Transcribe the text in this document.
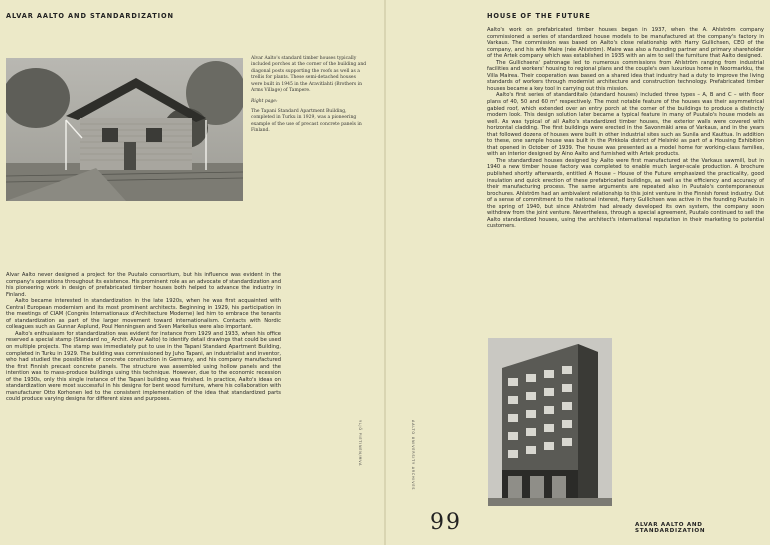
ALVAR AALTO AND STANDARDIZATION

Alvar Aalto's standard timber houses typically included porches at the corner of the building and diagonal posts supporting the roofs as well as a trellis for plants. These semi-detached houses were built in 1945 in the Aravitlahti (Brothers in Arms Village) of Tampere.

Right page:

The Tapani Standard Apartment Building, completed in Turku in 1929, was a pioneering example of the use of precast concrete panels in Finland.

Alvar Aalto never designed a project for the Puutalo consortium, but his influence was evident in the company's operations throughout its existence. His prominent role as an advocate of standardization and his pioneering work in design of prefabricated timber houses both helped to advance the industry in Finland.

Aalto became interested in standardization in the late 1920s, when he was first acquainted with Central European modernism and its most prominent architects. Beginning in 1929, his participation in the meetings of CIAM (Congrès Internationaux d'Architecture Moderne) led him to embrace the tenants of standardization as part of the larger movement toward internationalism. Contacts with Nordic colleagues such as Gunnar Asplund, Poul Henningsen and Sven Markelius were also important.

Aalto's enthusiasm for standardization was evident for instance from 1929 and 1933, when his office reserved a special stamp (Standard no_ Archit. Alvar Aalto) to identify detail drawings that could be used on multiple projects. The stamp was immediately put to use in the Tapani Standard Apartment Building, completed in Turku in 1929. The building was commissioned by Juho Tapani, an industrialist and inventor, who had studied the possibilities of concrete construction in Germany, and his company manufactured the first Finnish precast concrete panels. The structure was assembled using hollow panels and the intention was to mass-produce buildings using this technique. However, due to the economic recession of the 1930s, only this single instance of the Tapani building was finished. In practice, Aalto's ideas on standardization were most successful in his designs for bent wood furniture, where his collaboration with manufacturer Otto Korhonen led to the consistent implementation of the idea that standardized parts could produce varying designs for different sizes and purposes.

YLJÖ PIETINEN/MVA
HOUSE OF THE FUTURE

Aalto's work on prefabricated timber houses began in 1937, when the A. Ahlström company commissioned a series of standardized house models to be manufactured at the company's factory in Varkaus. The commission was based on Aalto's close relationship with Harry Gullichsen, CEO of the company, and his wife Maire (née Ahlström). Maire was also a founding partner and primary shareholder of the Artek company which was established in 1935 with an aim to sell the furniture that Aalto designed.

The Gullichsens' patronage led to numerous commissions from Ahlström ranging from industrial facilities and workers' housing to regional plans and the couple's own luxurious home in Noormarkku, the Villa Mairea. Their cooperation was based on a shared idea that industry had a duty to improve the living standards of workers through modernist architecture and construction technology. Prefabricated timber houses became a key tool in carrying out this mission.

Aalto's first series of standarditalo (standard houses) included three types – A, B and C – with floor plans of 40, 50 and 60 m² respectively. The most notable feature of the houses was their asymmetrical gabled roof, which extended over an entry porch at the corner of the buildings to produce a distinctly modern look. This design solution later became a typical feature in many of Puutalo's house models as well. As was typical of all Aalto's standardized timber houses, the exterior walls were covered with horizontal cladding. The first buildings were erected in the Savonmäki area of Varkaus, and in the years that followed dozens of houses were built in other industrial sites such as Sunila and Kauttua. In addition to these, one sample house was built in the Pirkkola district of Helsinki as part of a Housing Exhibition that opened in October of 1939. The house was presented as a model home for working-class families, with an interior designed by Aino Aalto and furnished with Artek products.

The standardized houses designed by Aalto were first manufactured at the Varkaus sawmill, but in 1940 a new timber house factory was completed to enable much larger-scale production. A brochure published shortly afterwards, entitled A House – House of the Future emphasized the practicality, good insulation and quick erection of these prefabricated buildings, as well as the efficiency and accuracy of their manufacturing process. The same arguments are repeated also in Puutalo's contemporaneous brochures. Ahlström had an ambivalent relationship to this joint venture in the Finnish forest industry. Out of a sense of commitment to the national interest, Harry Gullichsen was active in the founding Puutalo in the spring of 1940, but since Ahlström had already developed its own system, the company soon withdrew from the joint venture. Nevertheless, through a special agreement, Puutalo continued to sell the Aalto standardized houses, using the architect's international reputation in their marketing to potential customers.

AALTO UNIVERSITY ARCHIVES
99	ALVAR AALTO AND STANDARDIZATION
